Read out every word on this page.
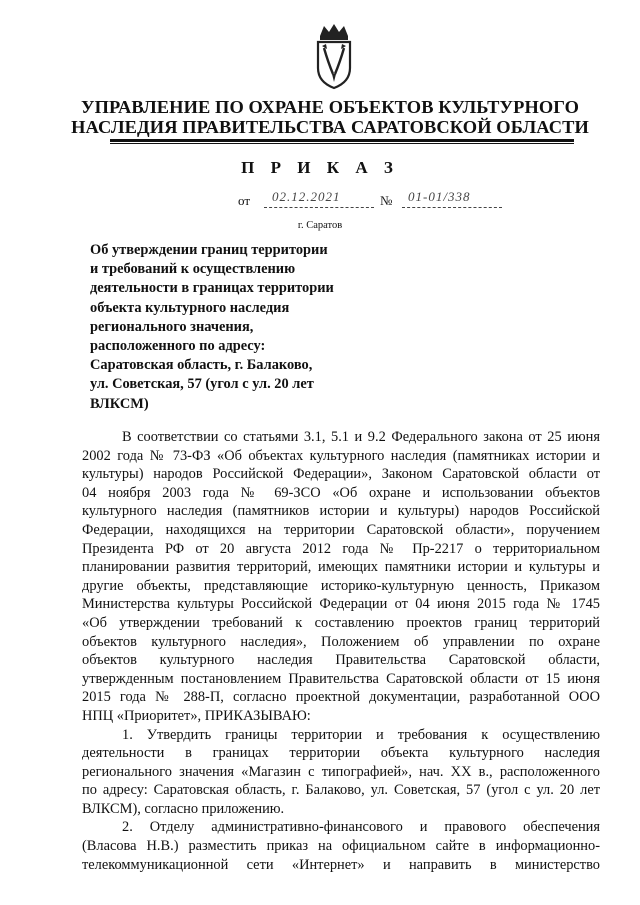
УПРАВЛЕНИЕ ПО ОХРАНЕ ОБЪЕКТОВ КУЛЬТУРНОГО
НАСЛЕДИЯ ПРАВИТЕЛЬСТВА САРАТОВСКОЙ ОБЛАСТИ
П Р И К А З
от 02.12.2021	№ 01-01/338
г. Саратов
Об утверждении границ территории
и требований к осуществлению
деятельности в границах территории
объекта культурного наследия
регионального значения,
расположенного по адресу:
Саратовская область, г. Балаково,
ул. Советская, 57 (угол с ул. 20 лет
ВЛКСМ)
В соответствии со статьями 3.1, 5.1 и 9.2 Федерального закона от 25 июня
2002 года № 73-ФЗ «Об объектах культурного наследия (памятниках истории и
культуры) народов Российской Федерации», Законом Саратовской области от
04 ноября 2003 года № 69-ЗСО «Об охране и использовании объектов
культурного наследия (памятников истории и культуры) народов Российской
Федерации, находящихся на территории Саратовской области», поручением
Президента РФ от 20 августа 2012 года № Пр-2217 о территориальном
планировании развития территорий, имеющих памятники истории и культуры и
другие объекты, представляющие историко-культурную ценность, Приказом
Министерства культуры Российской Федерации от 04 июня 2015 года № 1745
«Об утверждении требований к составлению проектов границ территорий
объектов культурного наследия», Положением об управлении по охране
объектов культурного наследия Правительства Саратовской области,
утвержденным постановлением Правительства Саратовской области от 15 июня
2015 года № 288-П, согласно проектной документации, разработанной ООО
НПЦ «Приоритет», ПРИКАЗЫВАЮ:
1. Утвердить границы территории и требования к осуществлению
деятельности в границах территории объекта культурного наследия
регионального значения «Магазин с типографией», нач. XX в., расположенного
по адресу: Саратовская область, г. Балаково, ул. Советская, 57 (угол с ул. 20 лет
ВЛКСМ), согласно приложению.
2. Отделу административно-финансового и правового обеспечения
(Власова Н.В.) разместить приказ на официальном сайте в информационно-
телекоммуникационной сети «Интернет» и направить в министерство
